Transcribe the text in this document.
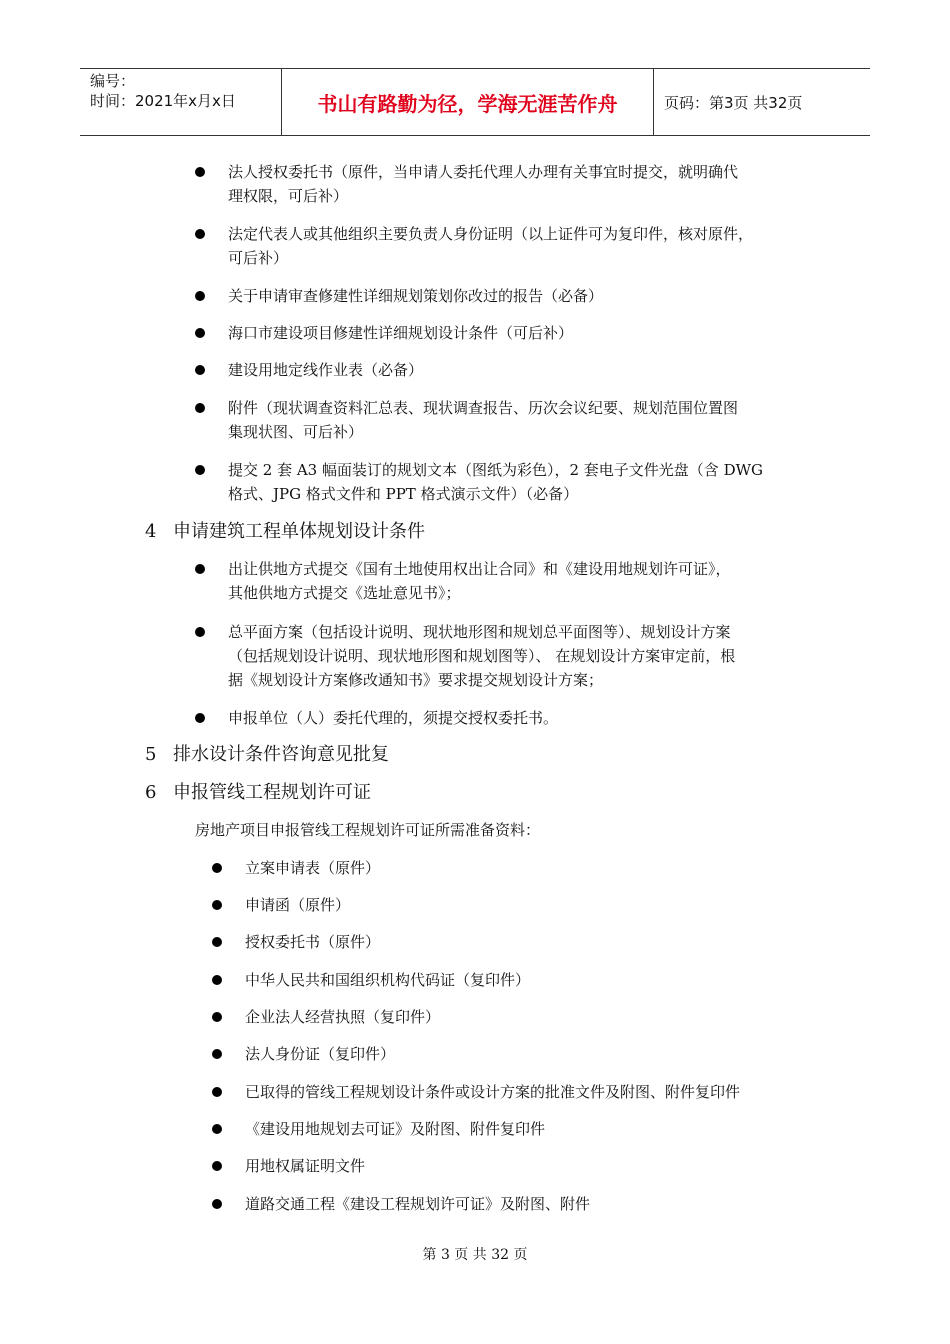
编号：
时间：2021年x月x日	书山有路勤为径，学海无涯苦作舟	页码：第3页 共32页
法人授权委托书（原件，当申请人委托代理人办理有关事宜时提交，就明确代
理权限，可后补）
法定代表人或其他组织主要负责人身份证明（以上证件可为复印件，核对原件，
可后补）
关于申请审查修建性详细规划策划你改过的报告（必备）
海口市建设项目修建性详细规划设计条件（可后补）
建设用地定线作业表（必备）
附件（现状调查资料汇总表、现状调查报告、历次会议纪要、规划范围位置图
集现状图、可后补）
提交 2 套 A3 幅面装订的规划文本（图纸为彩色），2 套电子文件光盘（含 DWG
格式、JPG 格式文件和 PPT 格式演示文件）（必备）
4 申请建筑工程单体规划设计条件
出让供地方式提交《国有土地使用权出让合同》和《建设用地规划许可证》，
其他供地方式提交《选址意见书》；
总平面方案（包括设计说明、现状地形图和规划总平面图等）、规划设计方案
（包括规划设计说明、现状地形图和规划图等）、 在规划设计方案审定前，根
据《规划设计方案修改通知书》要求提交规划设计方案；
申报单位（人）委托代理的，须提交授权委托书。
5 排水设计条件咨询意见批复
6 申报管线工程规划许可证
房地产项目申报管线工程规划许可证所需准备资料：
立案申请表（原件）
申请函（原件）
授权委托书（原件）
中华人民共和国组织机构代码证（复印件）
企业法人经营执照（复印件）
法人身份证（复印件）
已取得的管线工程规划设计条件或设计方案的批准文件及附图、附件复印件
《建设用地规划去可证》及附图、附件复印件
用地权属证明文件
道路交通工程《建设工程规划许可证》及附图、附件
第 3 页 共 32 页
